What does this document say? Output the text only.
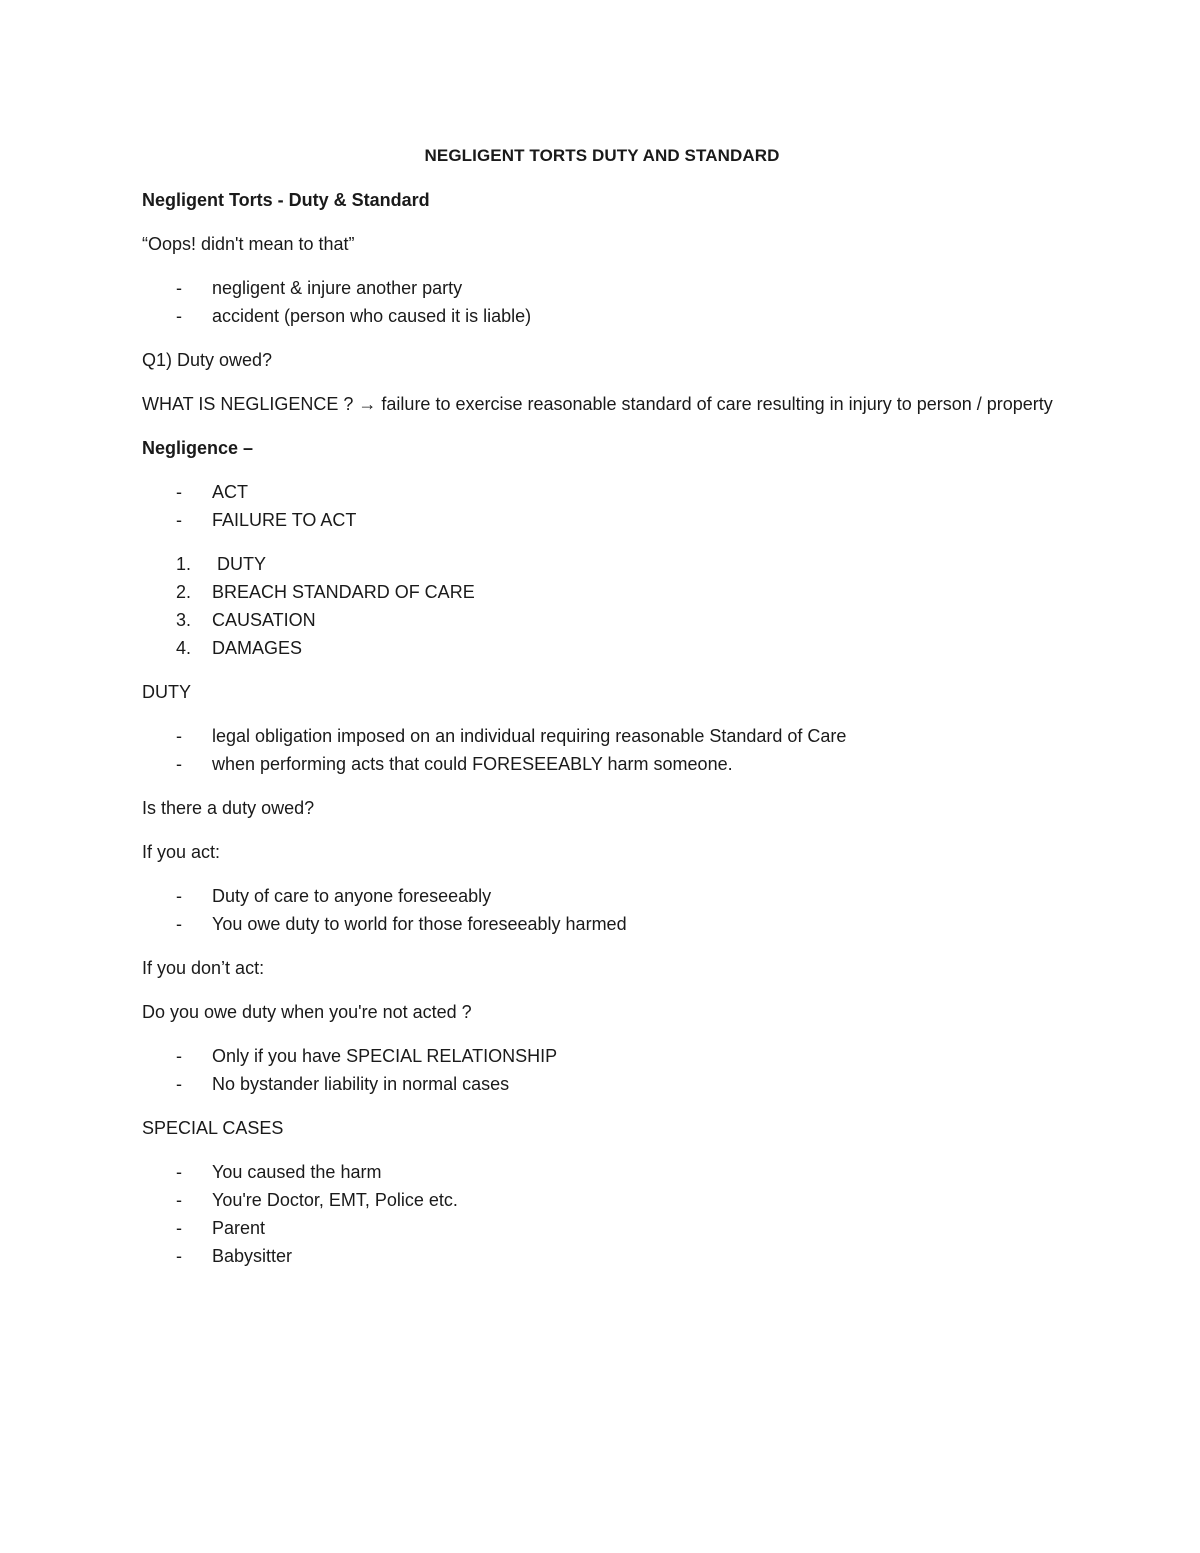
NEGLIGENT TORTS DUTY AND STANDARD

Negligent Torts - Duty & Standard

“Oops! didn't mean to that”

- negligent & injure another party
- accident (person who caused it is liable)

Q1) Duty owed?

WHAT IS NEGLIGENCE ? → failure to exercise reasonable standard of care resulting in injury to person / property

Negligence –

- ACT
- FAILURE TO ACT
1. DUTY
2. BREACH STANDARD OF CARE
3. CAUSATION
4. DAMAGES

DUTY

- legal obligation imposed on an individual requiring reasonable Standard of Care
- when performing acts that could FORESEEABLY harm someone.

Is there a duty owed?

If you act:

- Duty of care to anyone foreseeably
- You owe duty to world for those foreseeably harmed

If you don’t act:

Do you owe duty when you're not acted ?

- Only if you have SPECIAL RELATIONSHIP
- No bystander liability in normal cases

SPECIAL CASES

- You caused the harm
- You're Doctor, EMT, Police etc.
- Parent
- Babysitter
